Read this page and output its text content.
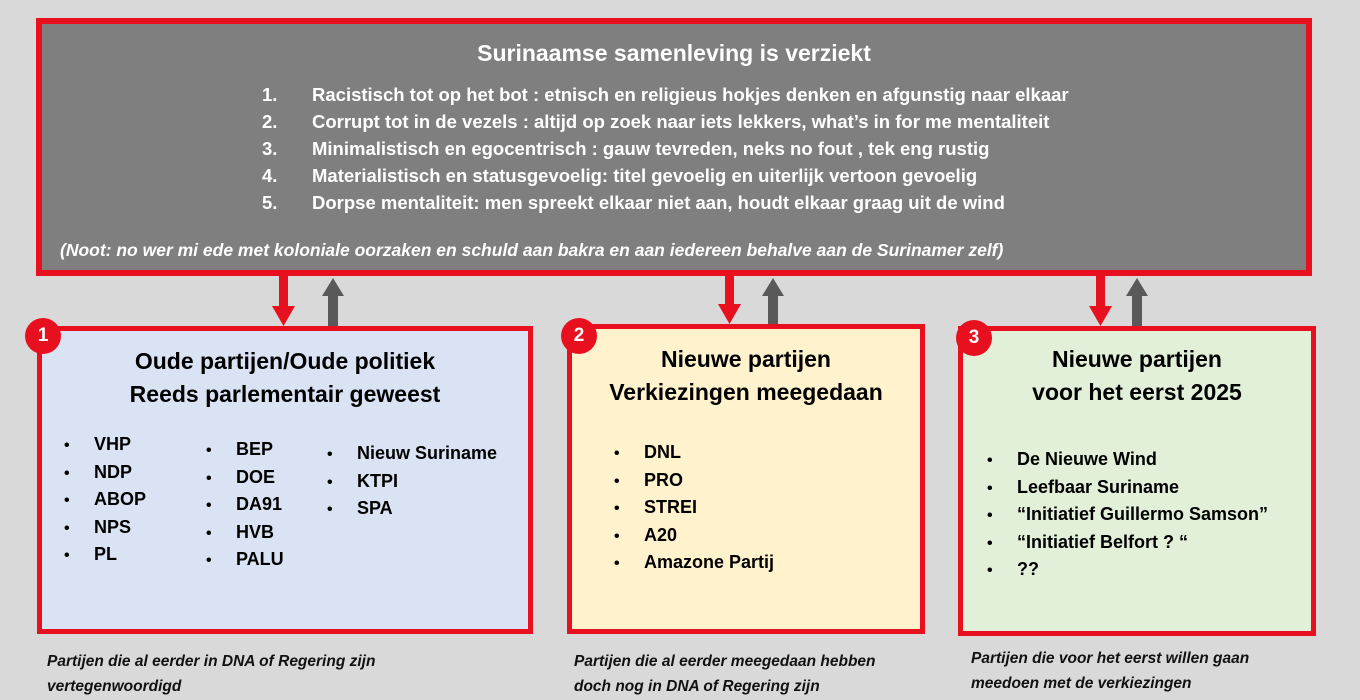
Surinaamse samenleving is verziekt
1.	Racistisch tot op het bot : etnisch en religieus hokjes denken en afgunstig naar elkaar
2.	Corrupt tot in de vezels : altijd op zoek naar iets lekkers, what’s in for me mentaliteit
3.	Minimalistisch en egocentrisch : gauw tevreden, neks no fout , tek eng rustig
4.	Materialistisch en statusgevoelig: titel gevoelig en uiterlijk vertoon gevoelig
5.	Dorpse mentaliteit: men spreekt elkaar niet aan, houdt elkaar graag uit de wind
(Noot: no wer mi ede met koloniale oorzaken en schuld aan bakra en aan iedereen behalve aan de Surinamer zelf)
Oude partijen/Oude politiek
Reeds parlementair geweest
• VHP
• NDP
• ABOP
• NPS
• PL
• BEP
• DOE
• DA91
• HVB
• PALU
• Nieuw Suriname
• KTPI
• SPA
1
Nieuwe partijen
Verkiezingen meegedaan
• DNL
• PRO
• STREI
• A20
• Amazone Partij
2
Nieuwe partijen
voor het eerst 2025
• De Nieuwe Wind
• Leefbaar Suriname
• “Initiatief Guillermo Samson”
• “Initiatief Belfort ? “
• ??
3
Partijen die al eerder in DNA of Regering zijn
vertegenwoordigd
Partijen die al eerder meegedaan hebben
doch nog in DNA of Regering zijn
Partijen die voor het eerst willen gaan
meedoen met de verkiezingen
